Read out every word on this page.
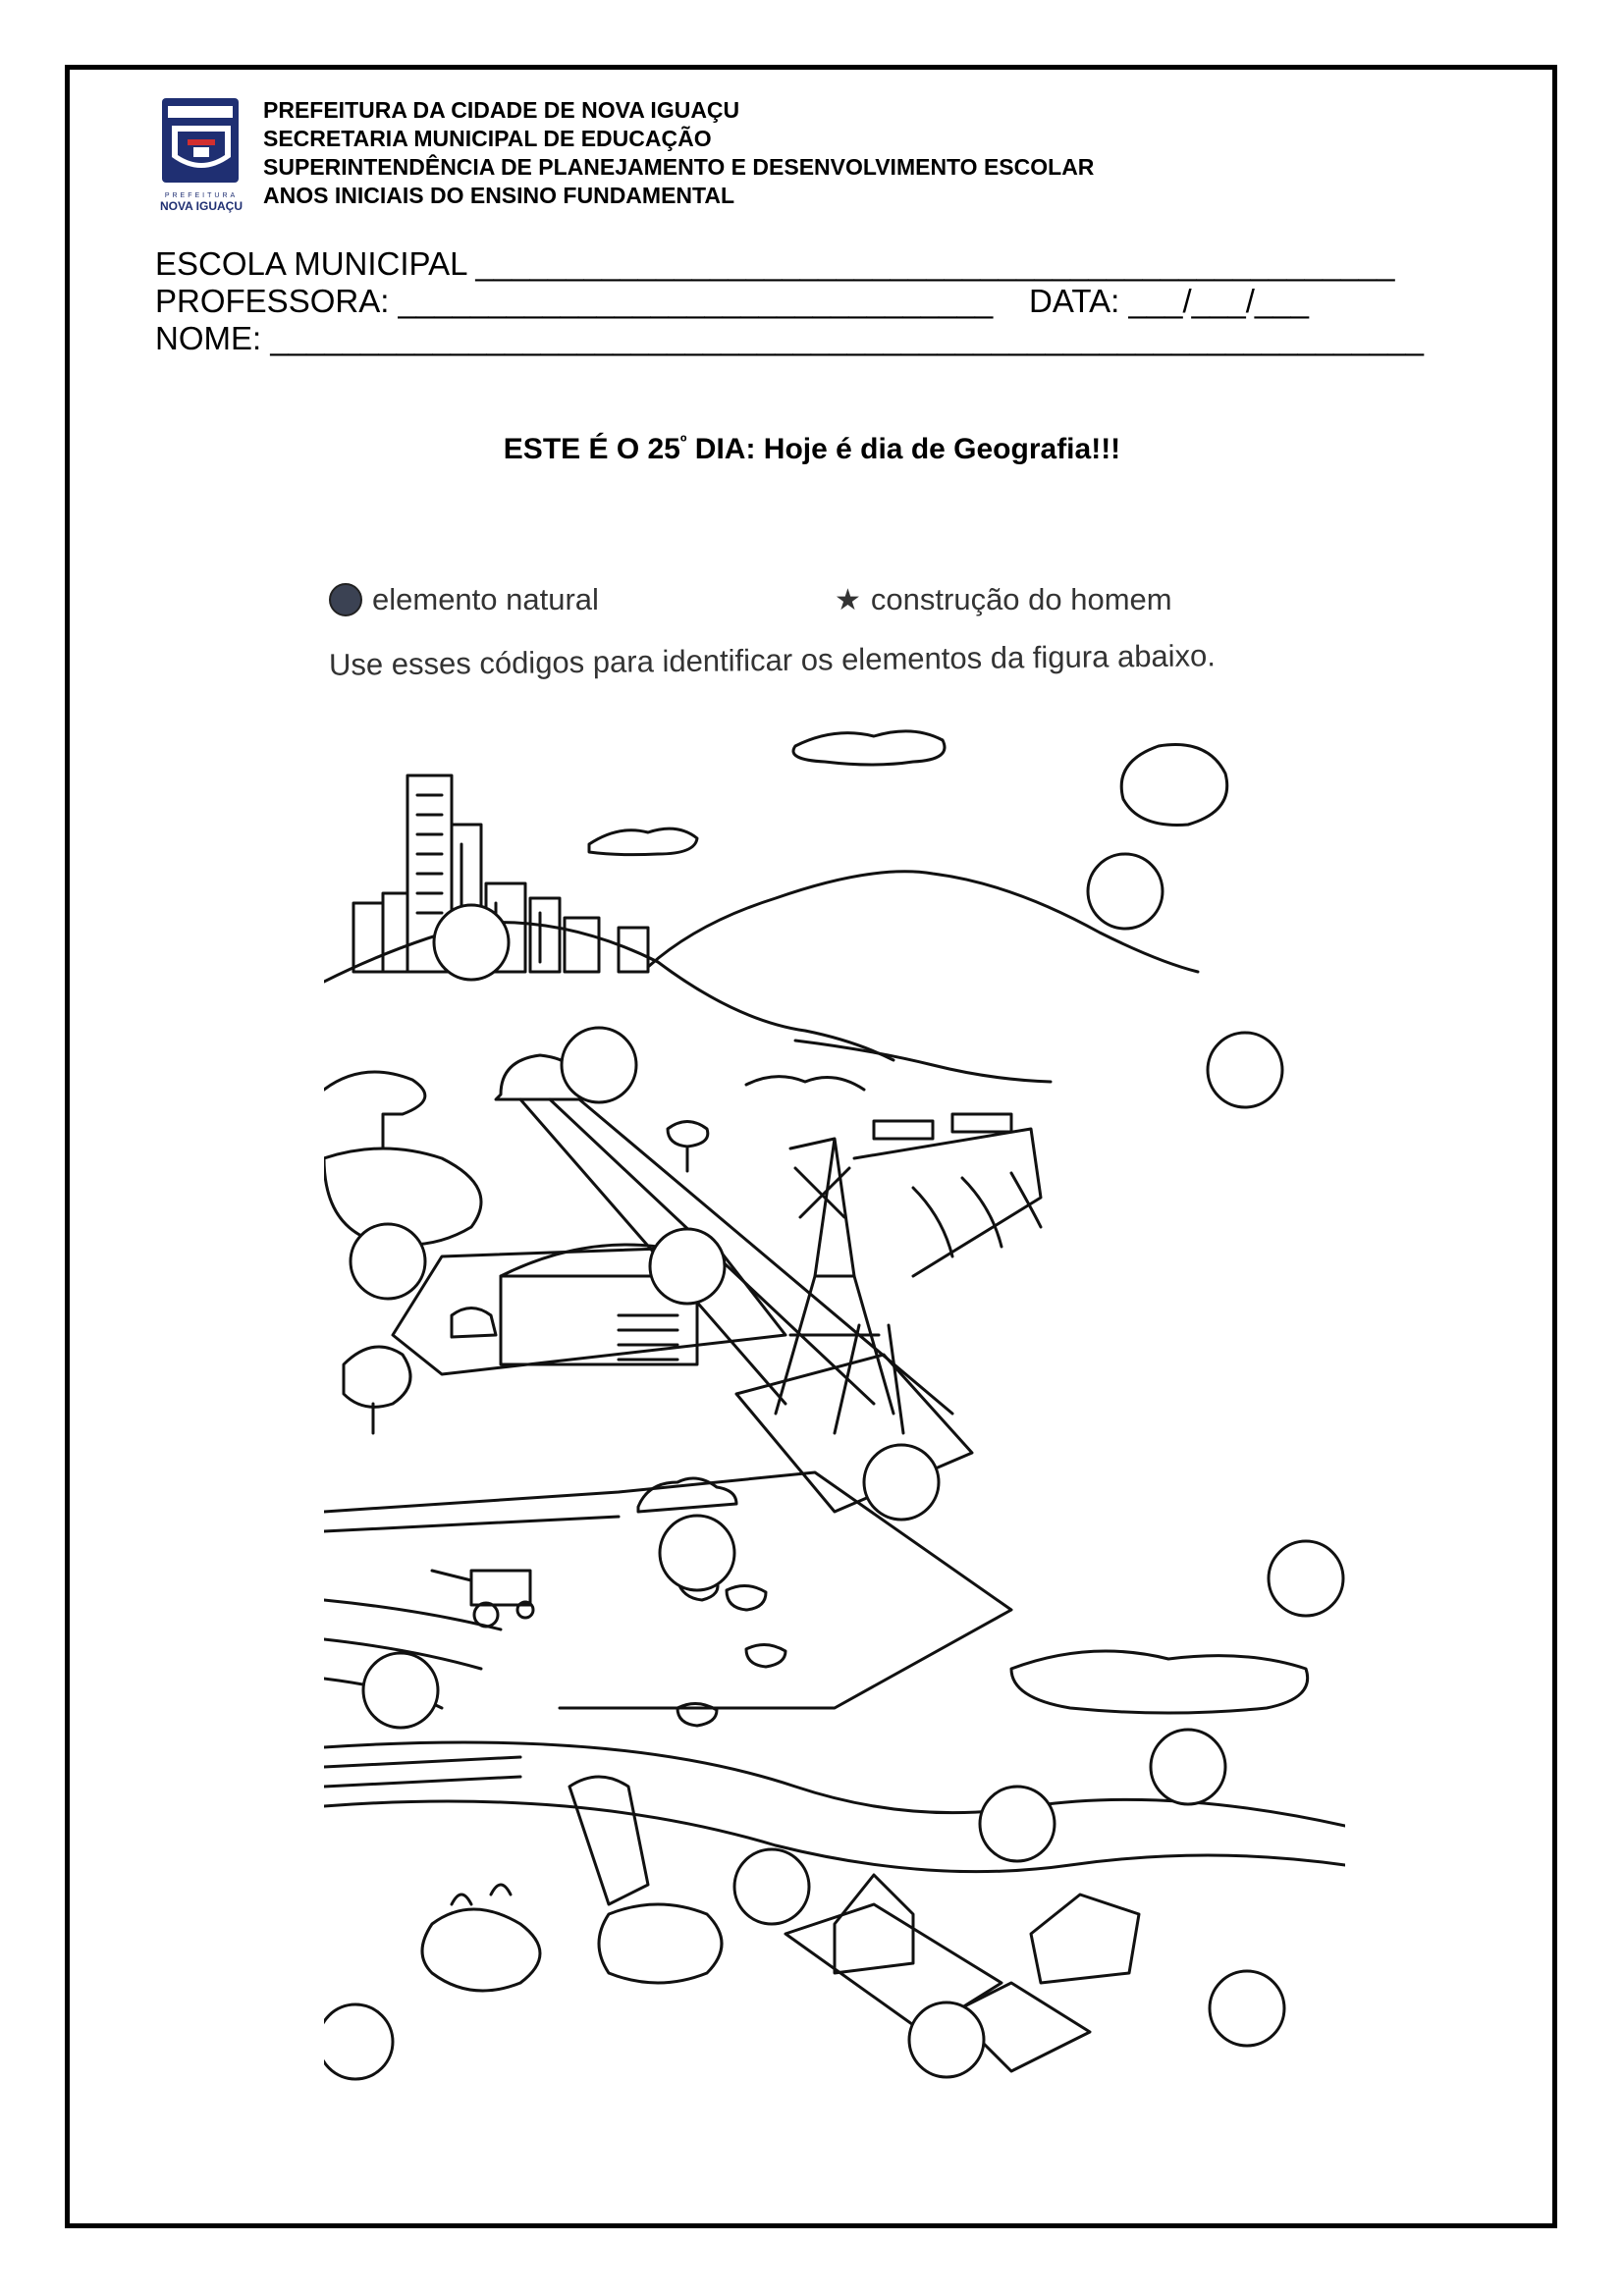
PREFEITURA
NOVA IGUAÇU
PREFEITURA DA CIDADE DE NOVA IGUAÇU
SECRETARIA MUNICIPAL DE EDUCAÇÃO
SUPERINTENDÊNCIA DE PLANEJAMENTO E DESENVOLVIMENTO ESCOLAR
ANOS INICIAIS DO ENSINO FUNDAMENTAL
ESCOLA MUNICIPAL ___________________________________________________
PROFESSORA: _________________________________ DATA: ___/___/___
NOME: ________________________________________________________________
ESTE É O $25^º$ DIA: Hoje é dia de Geografia!!!
elemento natural	★ construção do homem
Use esses códigos para identificar os elementos da figura abaixo.
